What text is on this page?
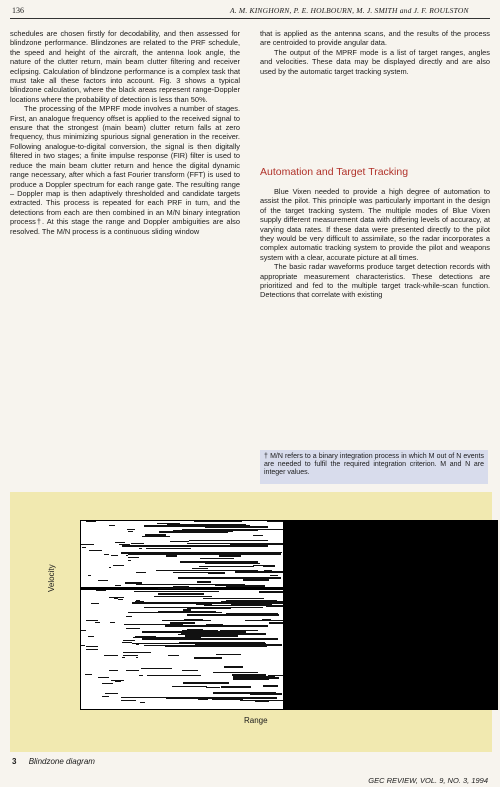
136	A. M. KINGHORN, P. E. HOLBOURN, M. J. SMITH and J. F. ROULSTON

schedules are chosen firstly for decodability, and then assessed for blindzone performance. Blindzones are related to the PRF schedule, the speed and height of the aircraft, the antenna look angle, the nature of the clutter return, main beam clutter filtering and receiver eclipsing. Calculation of blindzone performance is a complex task that must take all these factors into account. Fig. 3 shows a typical blindzone calculation, where the black areas represent range-Doppler locations where the probability of detection is less than 50%.

The processing of the MPRF mode involves a number of stages. First, an analogue frequency offset is applied to the received signal to ensure that the strongest (main beam) clutter return falls at zero frequency, thus minimizing spurious signal generation in the receiver. Following analogue-to-digital conversion, the signal is then digitally filtered in two stages; a finite impulse response (FIR) filter is used to reduce the main beam clutter return and hence the digital dynamic range necessary, after which a fast Fourier transform (FFT) is used to produce a Doppler spectrum for each range gate. The resulting range – Doppler map is then adaptively thresholded and candidate targets extracted. This process is repeated for each PRF in turn, and the detections from each are then combined in an M/N binary integration process†. At this stage the range and Doppler ambiguities are also resolved. The M/N process is a continuous sliding window

that is applied as the antenna scans, and the results of the process are centroided to provide angular data.

The output of the MPRF mode is a list of target ranges, angles and velocities. These data may be displayed directly and are also used by the automatic target tracking system.

Automation and Target Tracking

Blue Vixen needed to provide a high degree of automation to assist the pilot. This principle was particularly important in the design of the target tracking system. The multiple modes of Blue Vixen supply different measurement data with differing levels of accuracy, at varying data rates. If these data were presented directly to the pilot they would be very difficult to assimilate, so the radar incorporates a complex automatic tracking system to provide the pilot and weapons system with a clear, accurate picture at all times.

The basic radar waveforms produce target detection records with appropriate measurement characteristics. These detections are prioritized and fed to the multiple target track-while-scan function. Detections that correlate with existing

† M/N refers to a binary integration process in which M out of N events are needed to fulfil the required integration criterion. M and N are integer values.
Velocity
Range
3 Blindzone diagram
GEC REVIEW, VOL. 9, NO. 3, 1994
